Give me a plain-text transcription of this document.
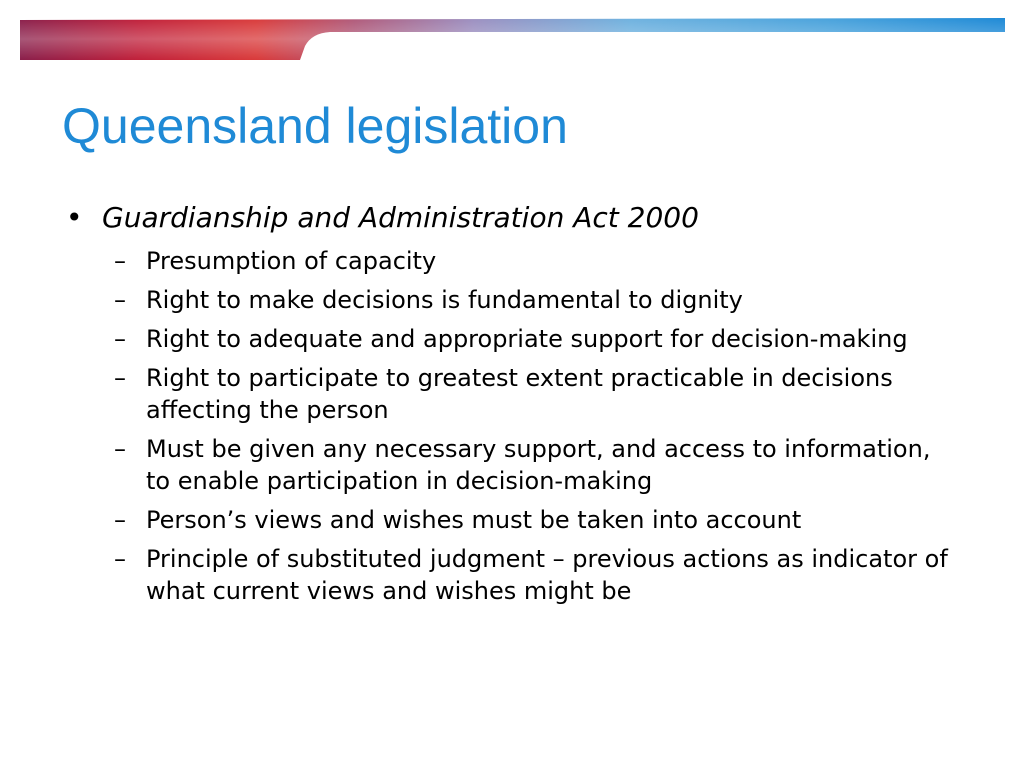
Queensland legislation
• Guardianship and Administration Act 2000
– Presumption of capacity
– Right to make decisions is fundamental to dignity
– Right to adequate and appropriate support for decision-making
– Right to participate to greatest extent practicable in decisions affecting the person
– Must be given any necessary support, and access to information, to enable participation in decision-making
– Person’s views and wishes must be taken into account
– Principle of substituted judgment – previous actions as indicator of what current views and wishes might be
